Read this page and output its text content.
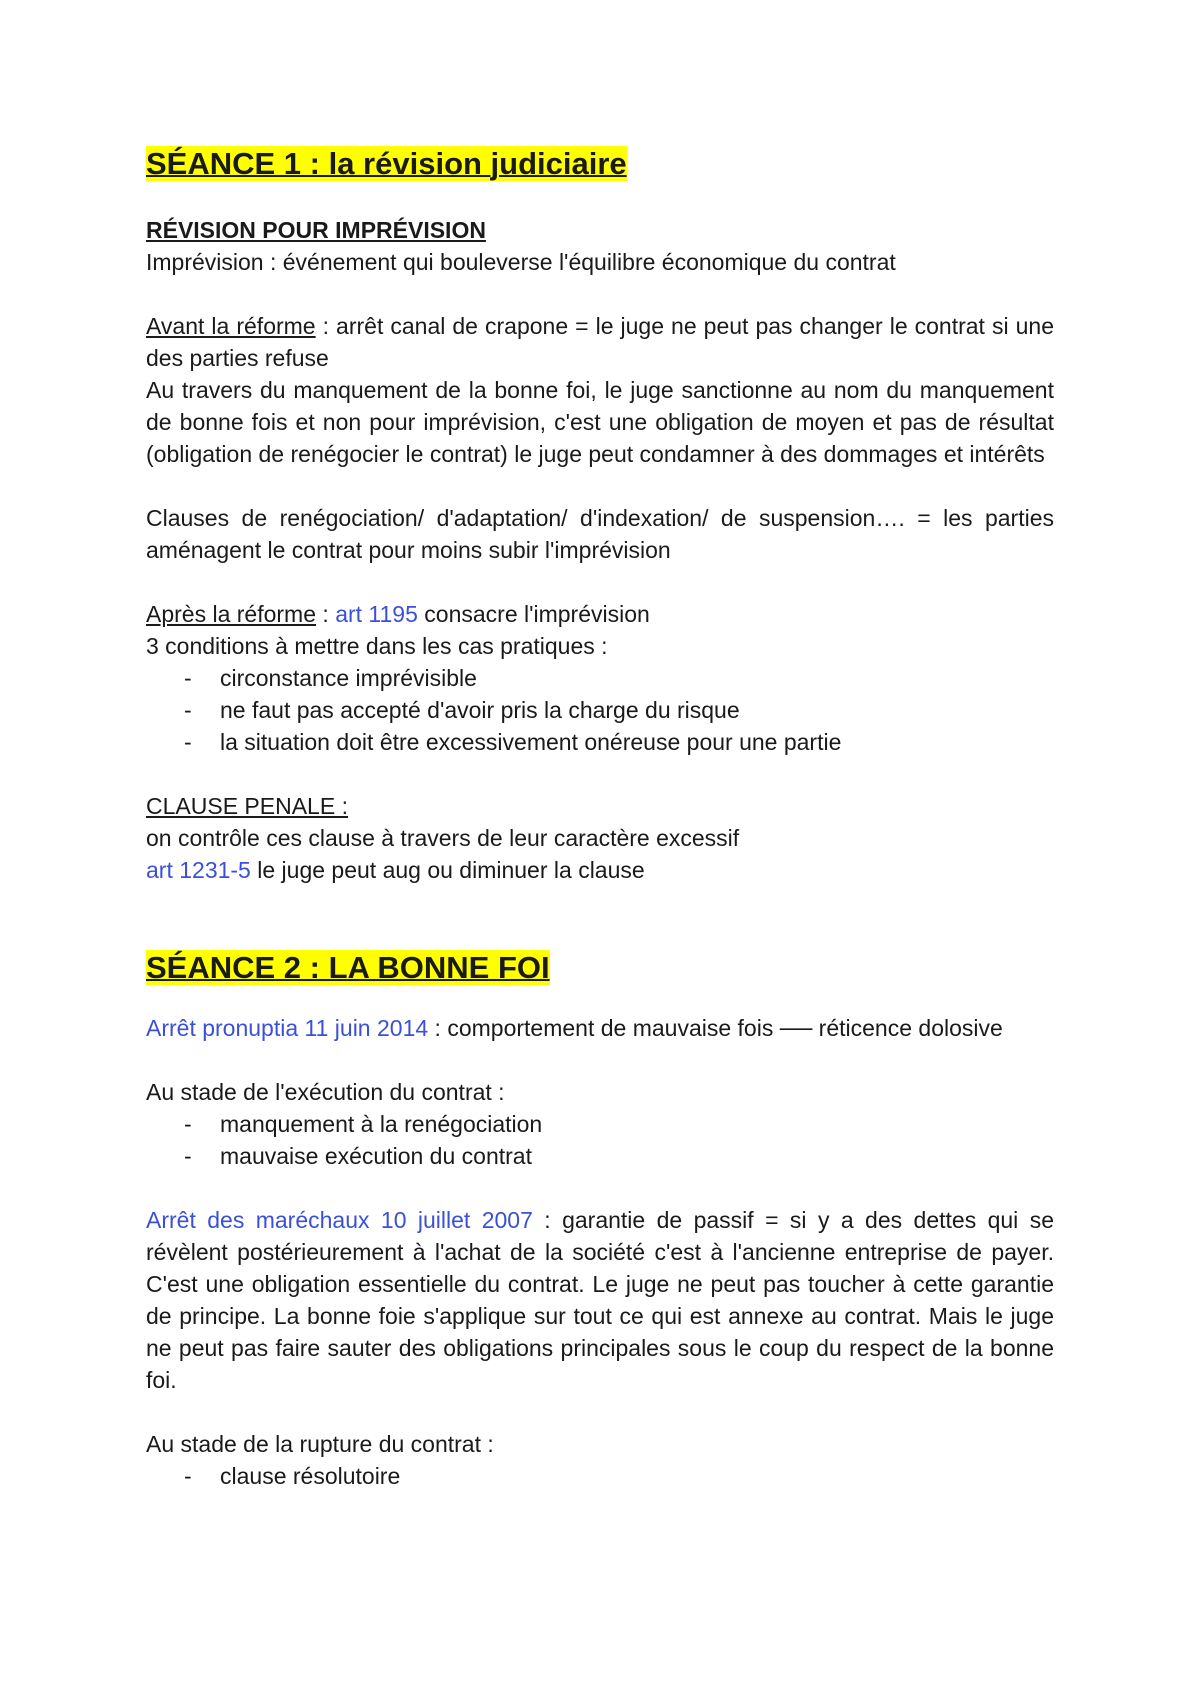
SÉANCE 1 : la révision judiciaire

RÉVISION POUR IMPRÉVISION

Imprévision : événement qui bouleverse l'équilibre économique du contrat

Avant la réforme : arrêt canal de crapone = le juge ne peut pas changer le contrat si une des parties refuse

Au travers du manquement de la bonne foi, le juge sanctionne au nom du manquement de bonne fois et non pour imprévision, c'est une obligation de moyen et pas de résultat (obligation de renégocier le contrat) le juge peut condamner à des dommages et intérêts

Clauses de renégociation/ d'adaptation/ d'indexation/ de suspension…. = les parties aménagent le contrat pour moins subir l'imprévision

Après la réforme : art 1195 consacre l'imprévision

3 conditions à mettre dans les cas pratiques :

- circonstance imprévisible
- ne faut pas accepté d'avoir pris la charge du risque
- la situation doit être excessivement onéreuse pour une partie

CLAUSE PENALE :

on contrôle ces clause à travers de leur caractère excessif

art 1231-5 le juge peut aug ou diminuer la clause

SÉANCE 2 : LA BONNE FOI

Arrêt pronuptia 11 juin 2014 : comportement de mauvaise fois ── réticence dolosive

Au stade de l'exécution du contrat :

- manquement à la renégociation
- mauvaise exécution du contrat

Arrêt des maréchaux 10 juillet 2007 : garantie de passif = si y a des dettes qui se révèlent postérieurement à l'achat de la société c'est à l'ancienne entreprise de payer. C'est une obligation essentielle du contrat. Le juge ne peut pas toucher à cette garantie de principe. La bonne foie s'applique sur tout ce qui est annexe au contrat. Mais le juge ne peut pas faire sauter des obligations principales sous le coup du respect de la bonne foi.

Au stade de la rupture du contrat :

- clause résolutoire
